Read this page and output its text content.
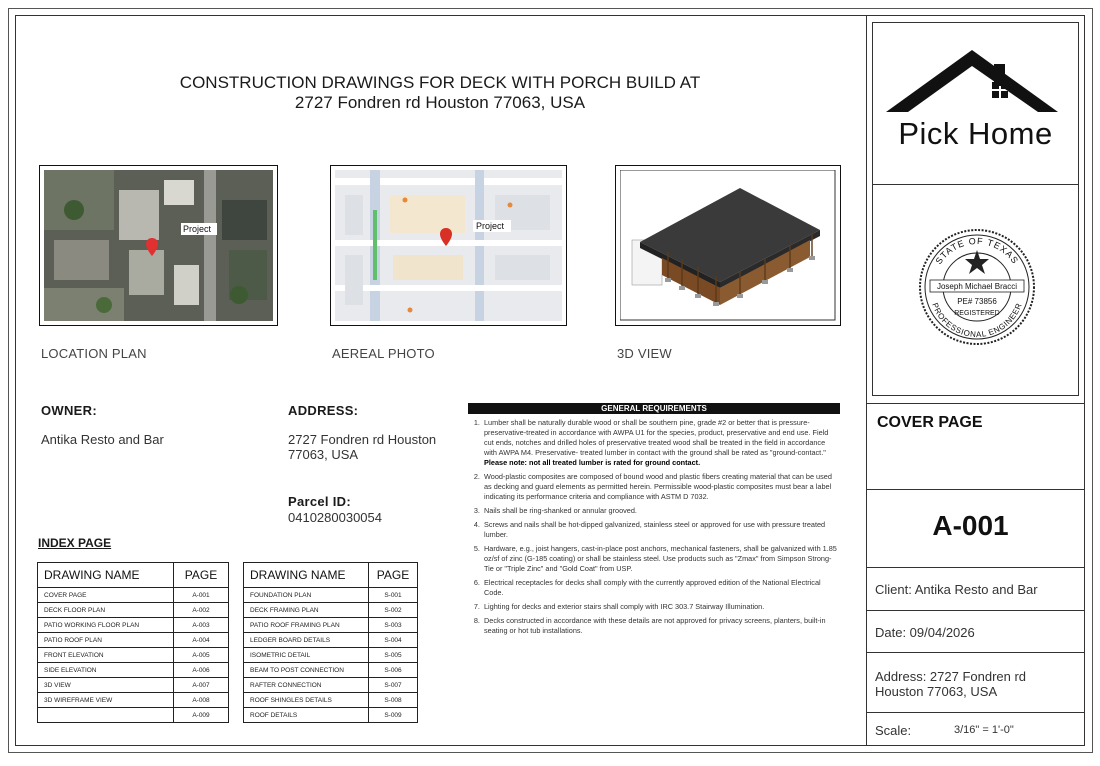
CONSTRUCTION DRAWINGS FOR DECK WITH PORCH BUILD AT
2727 Fondren rd Houston 77063, USA
Project
LOCATION PLAN
Project
AEREAL PHOTO	3D VIEW
OWNER:
Antika Resto and Bar
ADDRESS:
2727 Fondren rd Houston
77063, USA
Parcel ID:
0410280030054
GENERAL REQUIREMENTS
1. Lumber shall be naturally durable wood or shall be southern pine, grade #2 or better that is pressure-preservative-treated in accordance with AWPA U1 for the species, product, preservative and end use. Field cut ends, notches and drilled holes of preservative treated wood shall be treated in the field in accordance with AWPA M4. Preservative- treated lumber in contact with the ground shall be rated as "ground-contact." Please note: not all treated lumber is rated for ground contact.
2. Wood-plastic composites are composed of bound wood and plastic fibers creating material that can be used as decking and guard elements as permitted herein. Permissible wood-plastic composites must bear a label indicating its performance criteria and compliance with ASTM D 7032.
3. Nails shall be ring-shanked or annular grooved.
4. Screws and nails shall be hot-dipped galvanized, stainless steel or approved for use with pressure treated lumber.
5. Hardware, e.g., joist hangers, cast-in-place post anchors, mechanical fasteners, shall be galvanized with 1.85 oz/sf of zinc (G-185 coating) or shall be stainless steel. Use products such as "Zmax" from Simpson Strong-Tie or "Triple Zinc" and "Gold Coat" from USP.
6. Electrical receptacles for decks shall comply with the currently approved edition of the National Electrical Code.
7. Lighting for decks and exterior stairs shall comply with IRC 303.7 Stairway Illumination.
8. Decks constructed in accordance with these details are not approved for privacy screens, planters, built-in seating or hot tub installations.
INDEX PAGE
DRAWING NAME	PAGE
COVER PAGE	A-001
DECK FLOOR PLAN	A-002
PATIO WORKING FLOOR PLAN	A-003
PATIO ROOF PLAN	A-004
FRONT ELEVATION	A-005
SIDE ELEVATION	A-006
3D VIEW	A-007
3D WIREFRAME VIEW	A-008
	A-009
DRAWING NAME	PAGE
FOUNDATION PLAN	S-001
DECK FRAMING PLAN	S-002
PATIO ROOF FRAMING PLAN	S-003
LEDGER BOARD DETAILS	S-004
ISOMETRIC DETAIL	S-005
BEAM TO POST CONNECTION	S-006
RAFTER CONNECTION	S-007
ROOF SHINGLES DETAILS	S-008
ROOF DETAILS	S-009
Pick Home
STATE OF TEXAS
PROFESSIONAL ENGINEER
Joseph Michael Bracci
PE# 73856
REGISTERED
COVER PAGE
A-001
Client: Antika Resto and Bar
Date: 09/04/2026
Address: 2727 Fondren rd
Houston 77063, USA
Scale:	3/16" = 1'-0"
